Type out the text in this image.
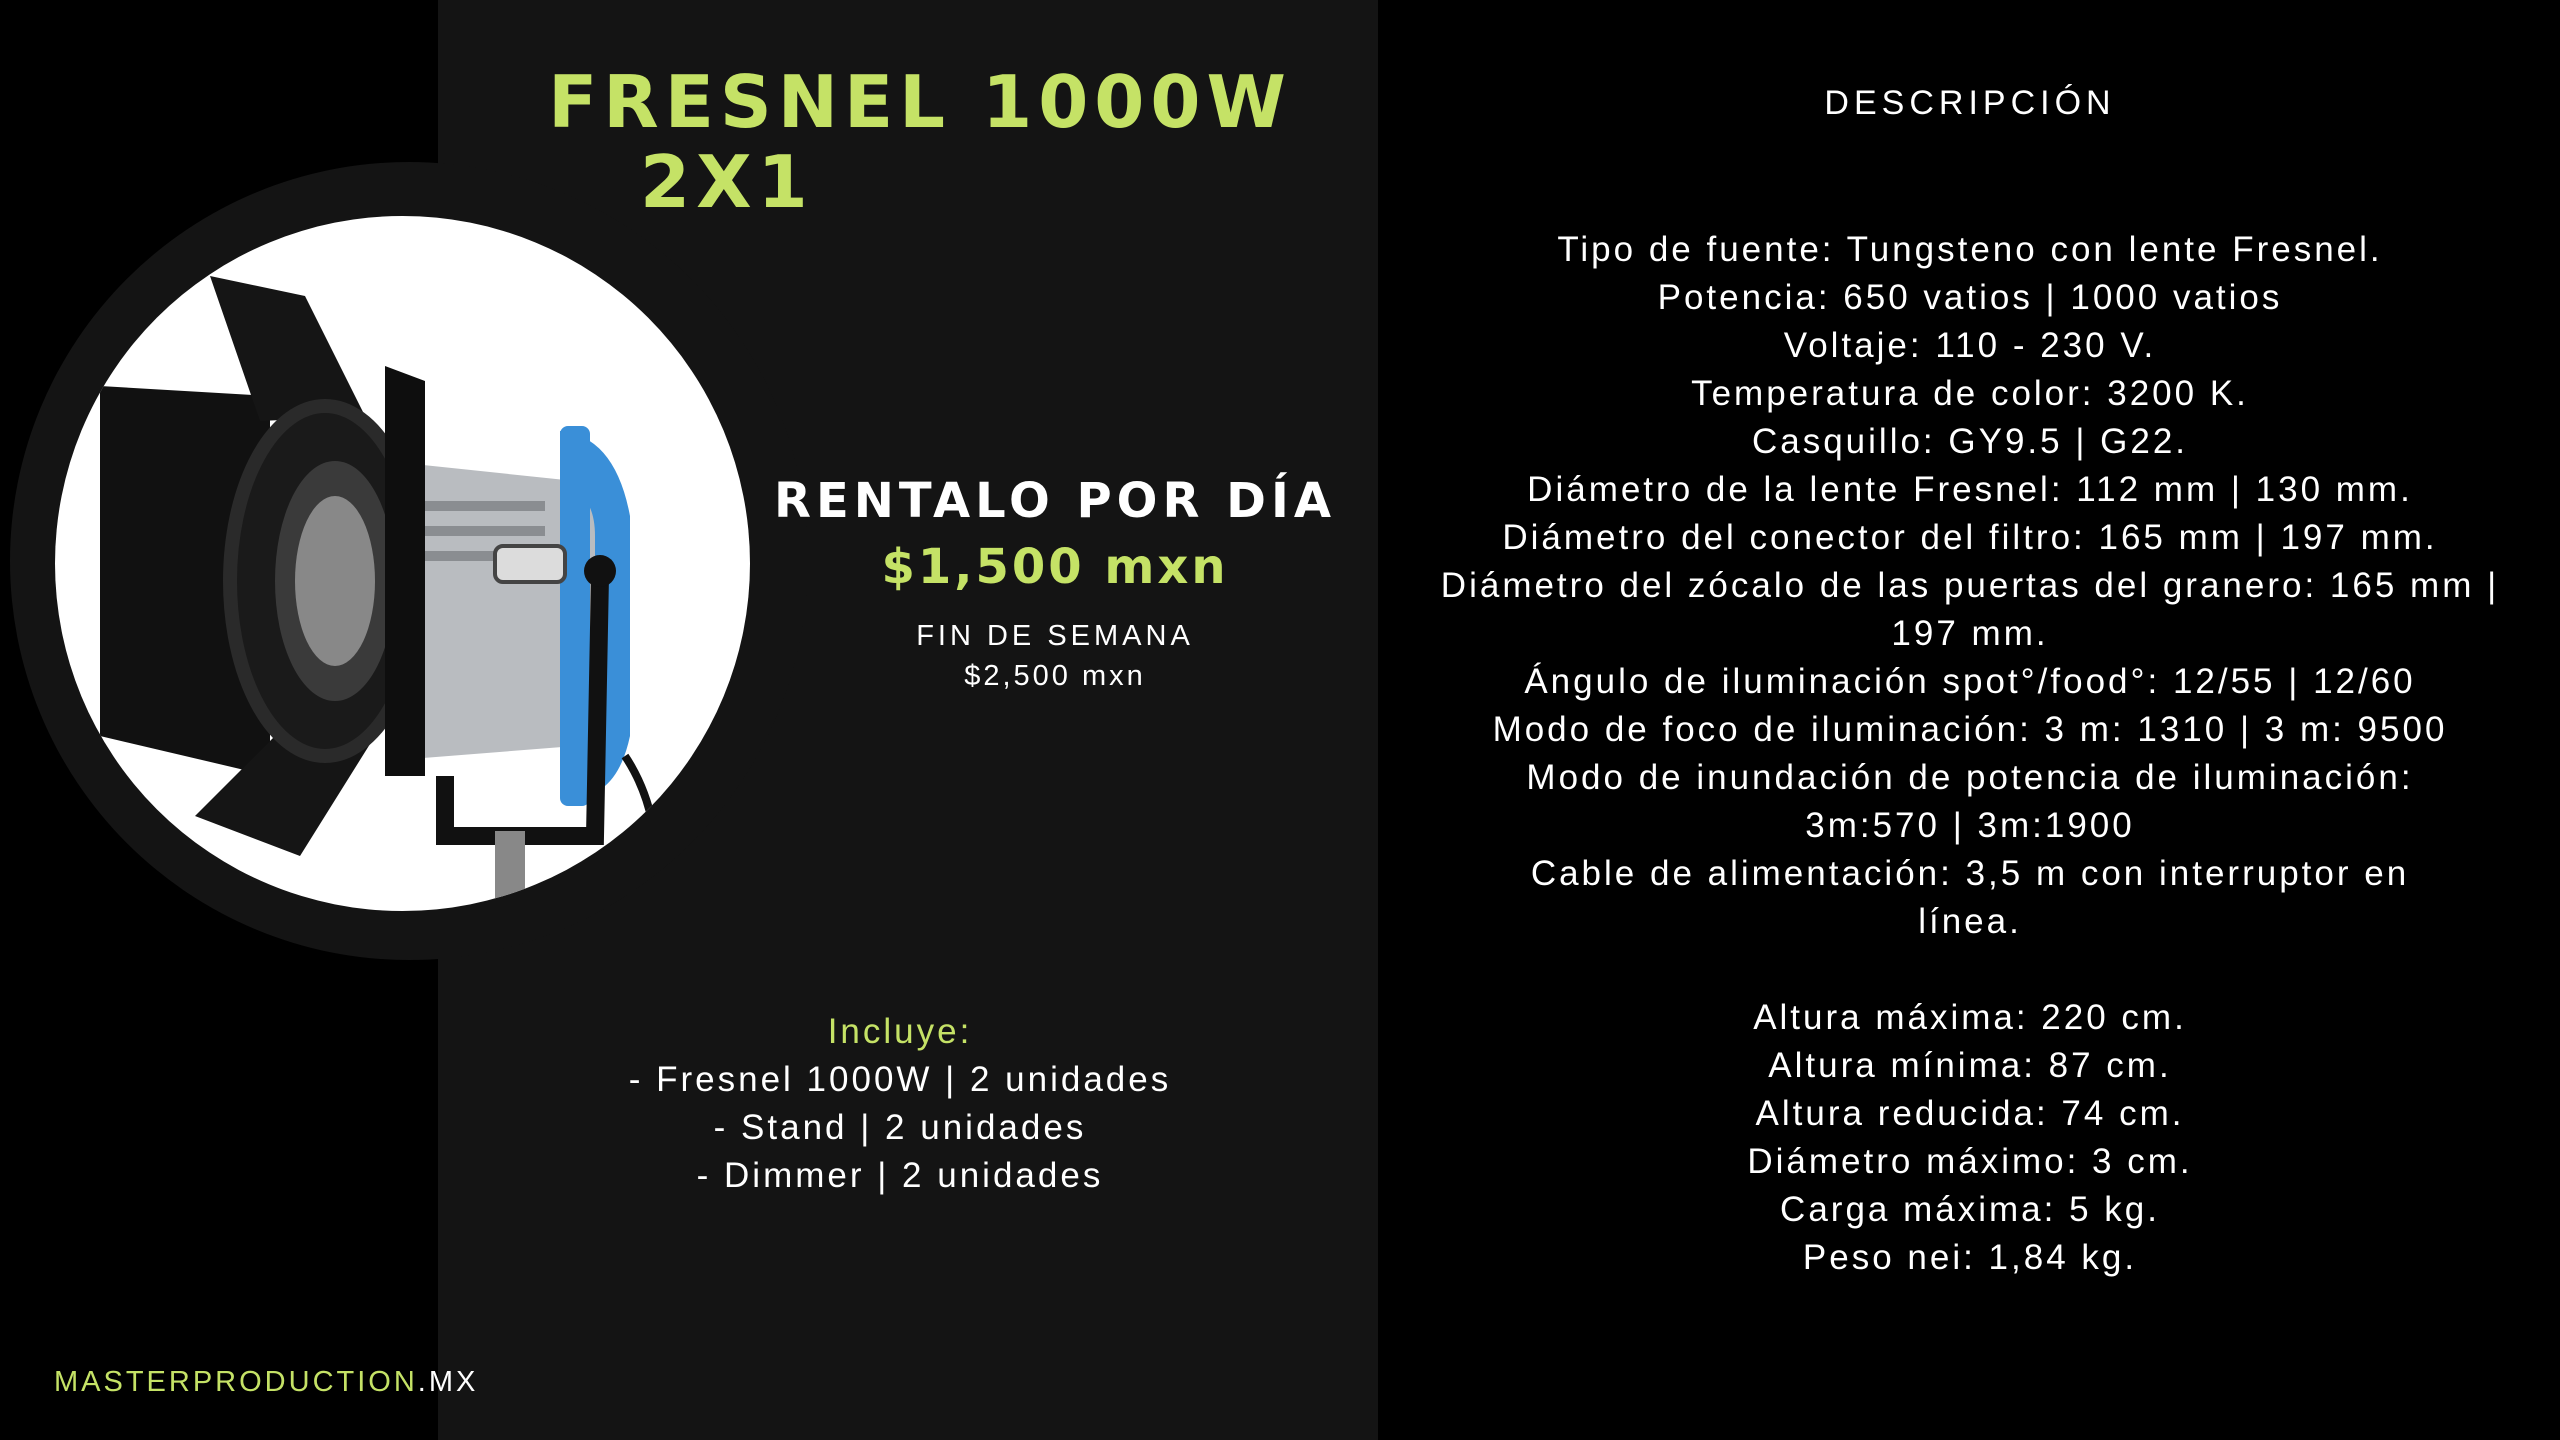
FRESNEL 1000W
2X1
RENTALO POR DÍA
$1,500 mxn
FIN DE SEMANA
$2,500 mxn
Incluye:
- Fresnel 1000W | 2 unidades
- Stand | 2 unidades
- Dimmer | 2 unidades
MASTERPRODUCTION.MX
DESCRIPCIÓN
Tipo de fuente: Tungsteno con lente Fresnel.
Potencia: 650 vatios | 1000 vatios
Voltaje: 110 - 230 V.
Temperatura de color: 3200 K.
Casquillo: GY9.5 | G22.
Diámetro de la lente Fresnel: 112 mm | 130 mm.
Diámetro del conector del filtro: 165 mm | 197 mm.
Diámetro del zócalo de las puertas del granero: 165 mm | 197 mm.
Ángulo de iluminación spot°/food°: 12/55 | 12/60
Modo de foco de iluminación: 3 m: 1310 | 3 m: 9500
Modo de inundación de potencia de iluminación: 3m:570 | 3m:1900
Cable de alimentación: 3,5 m con interruptor en línea.
Altura máxima: 220 cm.
Altura mínima: 87 cm.
Altura reducida: 74 cm.
Diámetro máximo: 3 cm.
Carga máxima: 5 kg.
Peso nei: 1,84 kg.
